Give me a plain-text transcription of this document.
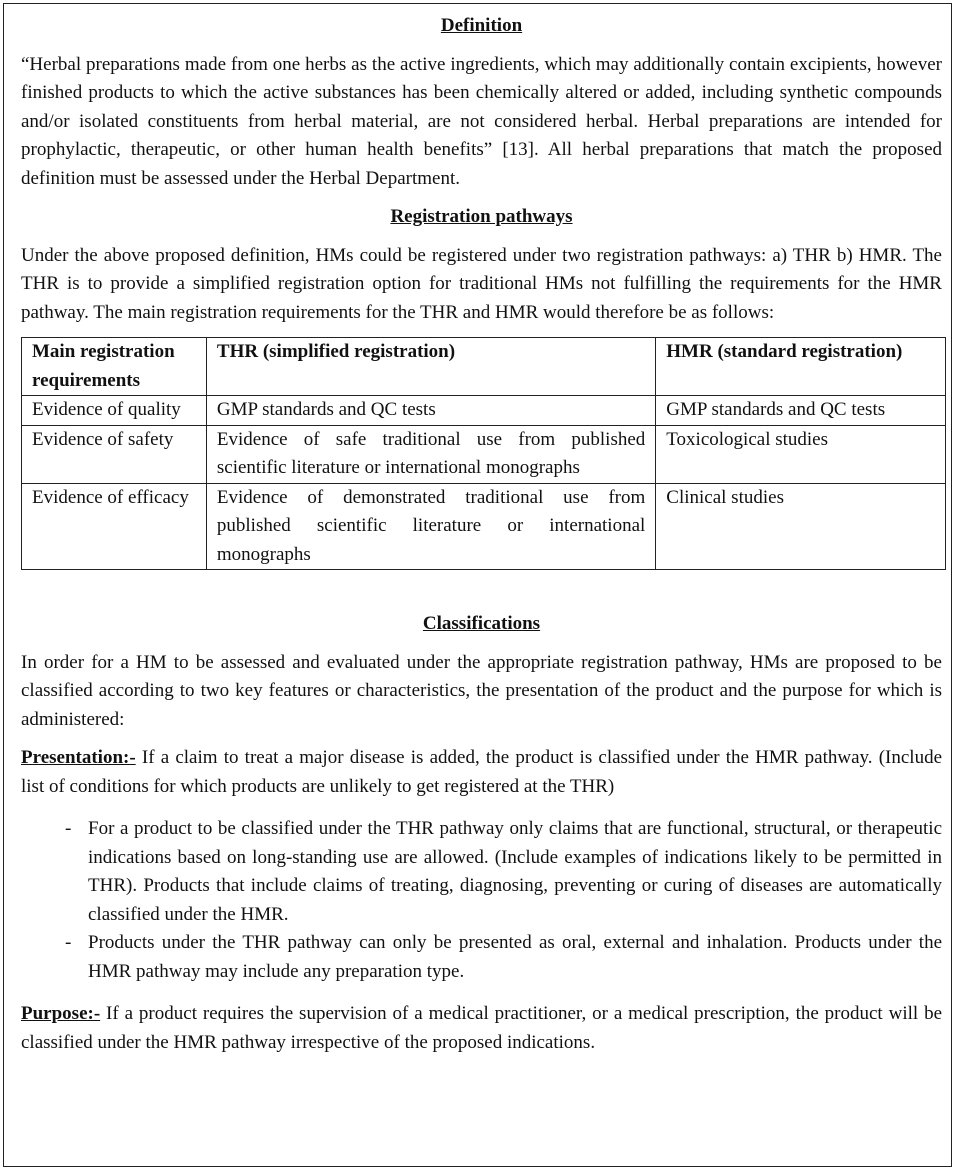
Definition

“Herbal preparations made from one herbs as the active ingredients, which may additionally contain excipients, however finished products to which the active substances has been chemically altered or added, including synthetic compounds and/or isolated constituents from herbal material, are not considered herbal. Herbal preparations are intended for prophylactic, therapeutic, or other human health benefits” [13]. All herbal preparations that match the proposed definition must be assessed under the Herbal Department.

Registration pathways

Under the above proposed definition, HMs could be registered under two registration pathways: a) THR b) HMR. The THR is to provide a simplified registration option for traditional HMs not fulfilling the requirements for the HMR pathway. The main registration requirements for the THR and HMR would therefore be as follows:

Main registration requirements	THR (simplified registration)	HMR (standard registration)
Evidence of quality	GMP standards and QC tests	GMP standards and QC tests
Evidence of safety	Evidence of safe traditional use from published scientific literature or international monographs	Toxicological studies
Evidence of efficacy	Evidence of demonstrated traditional use from published scientific literature or international monographs	Clinical studies

Classifications

In order for a HM to be assessed and evaluated under the appropriate registration pathway, HMs are proposed to be classified according to two key features or characteristics, the presentation of the product and the purpose for which is administered:

Presentation:- If a claim to treat a major disease is added, the product is classified under the HMR pathway. (Include list of conditions for which products are unlikely to get registered at the THR)

- For a product to be classified under the THR pathway only claims that are functional, structural, or therapeutic indications based on long-standing use are allowed. (Include examples of indications likely to be permitted in THR). Products that include claims of treating, diagnosing, preventing or curing of diseases are automatically classified under the HMR.
- Products under the THR pathway can only be presented as oral, external and inhalation. Products under the HMR pathway may include any preparation type.

Purpose:- If a product requires the supervision of a medical practitioner, or a medical prescription, the product will be classified under the HMR pathway irrespective of the proposed indications.
